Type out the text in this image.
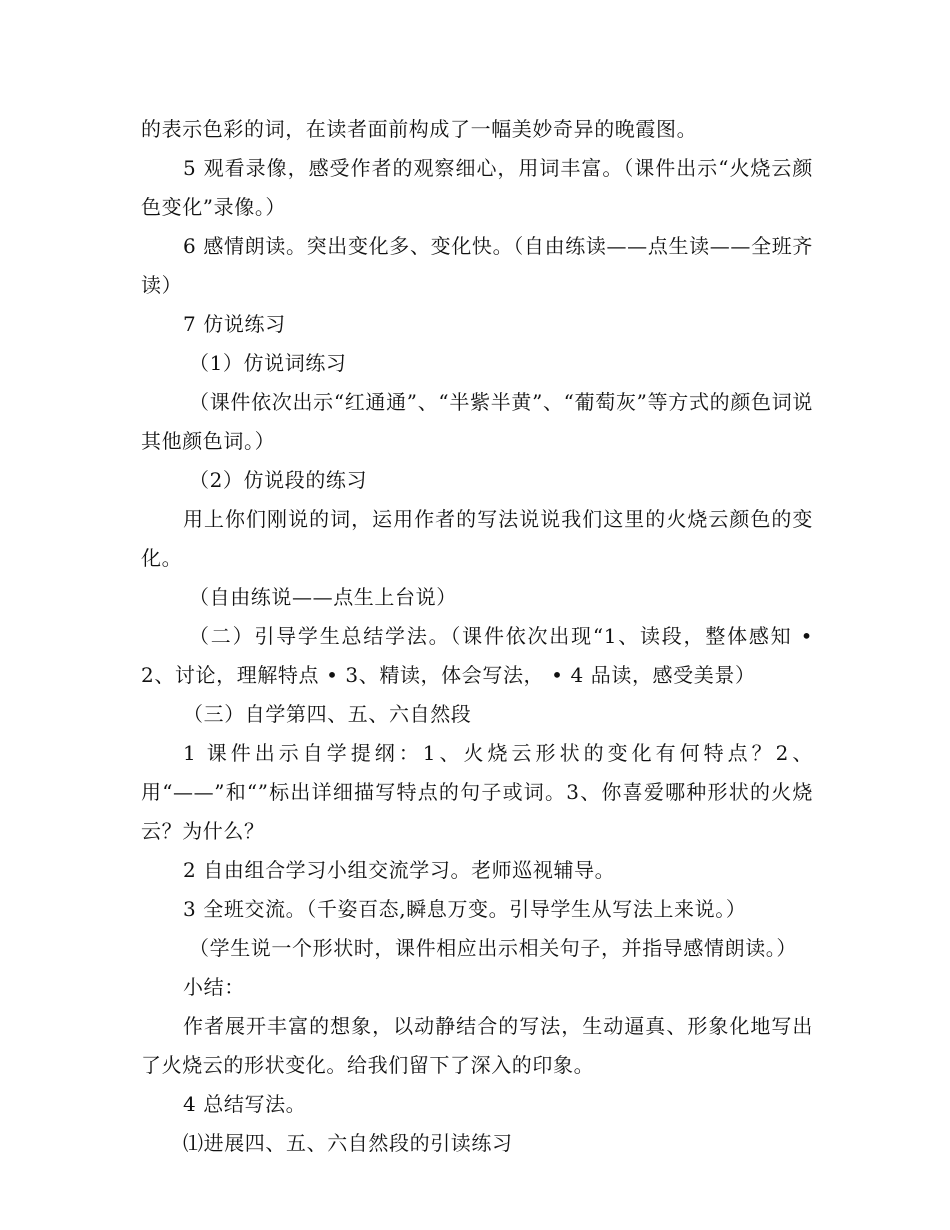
的表示色彩的词，在读者面前构成了一幅美妙奇异的晚霞图。

5 观看录像，感受作者的观察细心，用词丰富。（课件出示“火烧云颜色变化”录像。）

6 感情朗读。突出变化多、变化快。（自由练读——点生读——全班齐读）

7 仿说练习

（1）仿说词练习

（课件依次出示“红通通”、“半紫半黄”、“葡萄灰”等方式的颜色词说其他颜色词。）

（2）仿说段的练习

用上你们刚说的词，运用作者的写法说说我们这里的火烧云颜色的变化。

（自由练说——点生上台说）

（二）引导学生总结学法。（课件依次出现“1、读段，整体感知 • 2、讨论，理解特点 • 3、精读，体会写法， • 4 品读，感受美景）

（三）自学第四、五、六自然段

1 课件出示自学提纲：1、火烧云形状的变化有何特点？2、用“——”和“”标出详细描写特点的句子或词。3、你喜爱哪种形状的火烧云？为什么？

2 自由组合学习小组交流学习。老师巡视辅导。

3 全班交流。（千姿百态,瞬息万变。引导学生从写法上来说。）

（学生说一个形状时，课件相应出示相关句子，并指导感情朗读。）

小结：

作者展开丰富的想象，以动静结合的写法，生动逼真、形象化地写出了火烧云的形状变化。给我们留下了深入的印象。

4 总结写法。

⑴进展四、五、六自然段的引读练习
